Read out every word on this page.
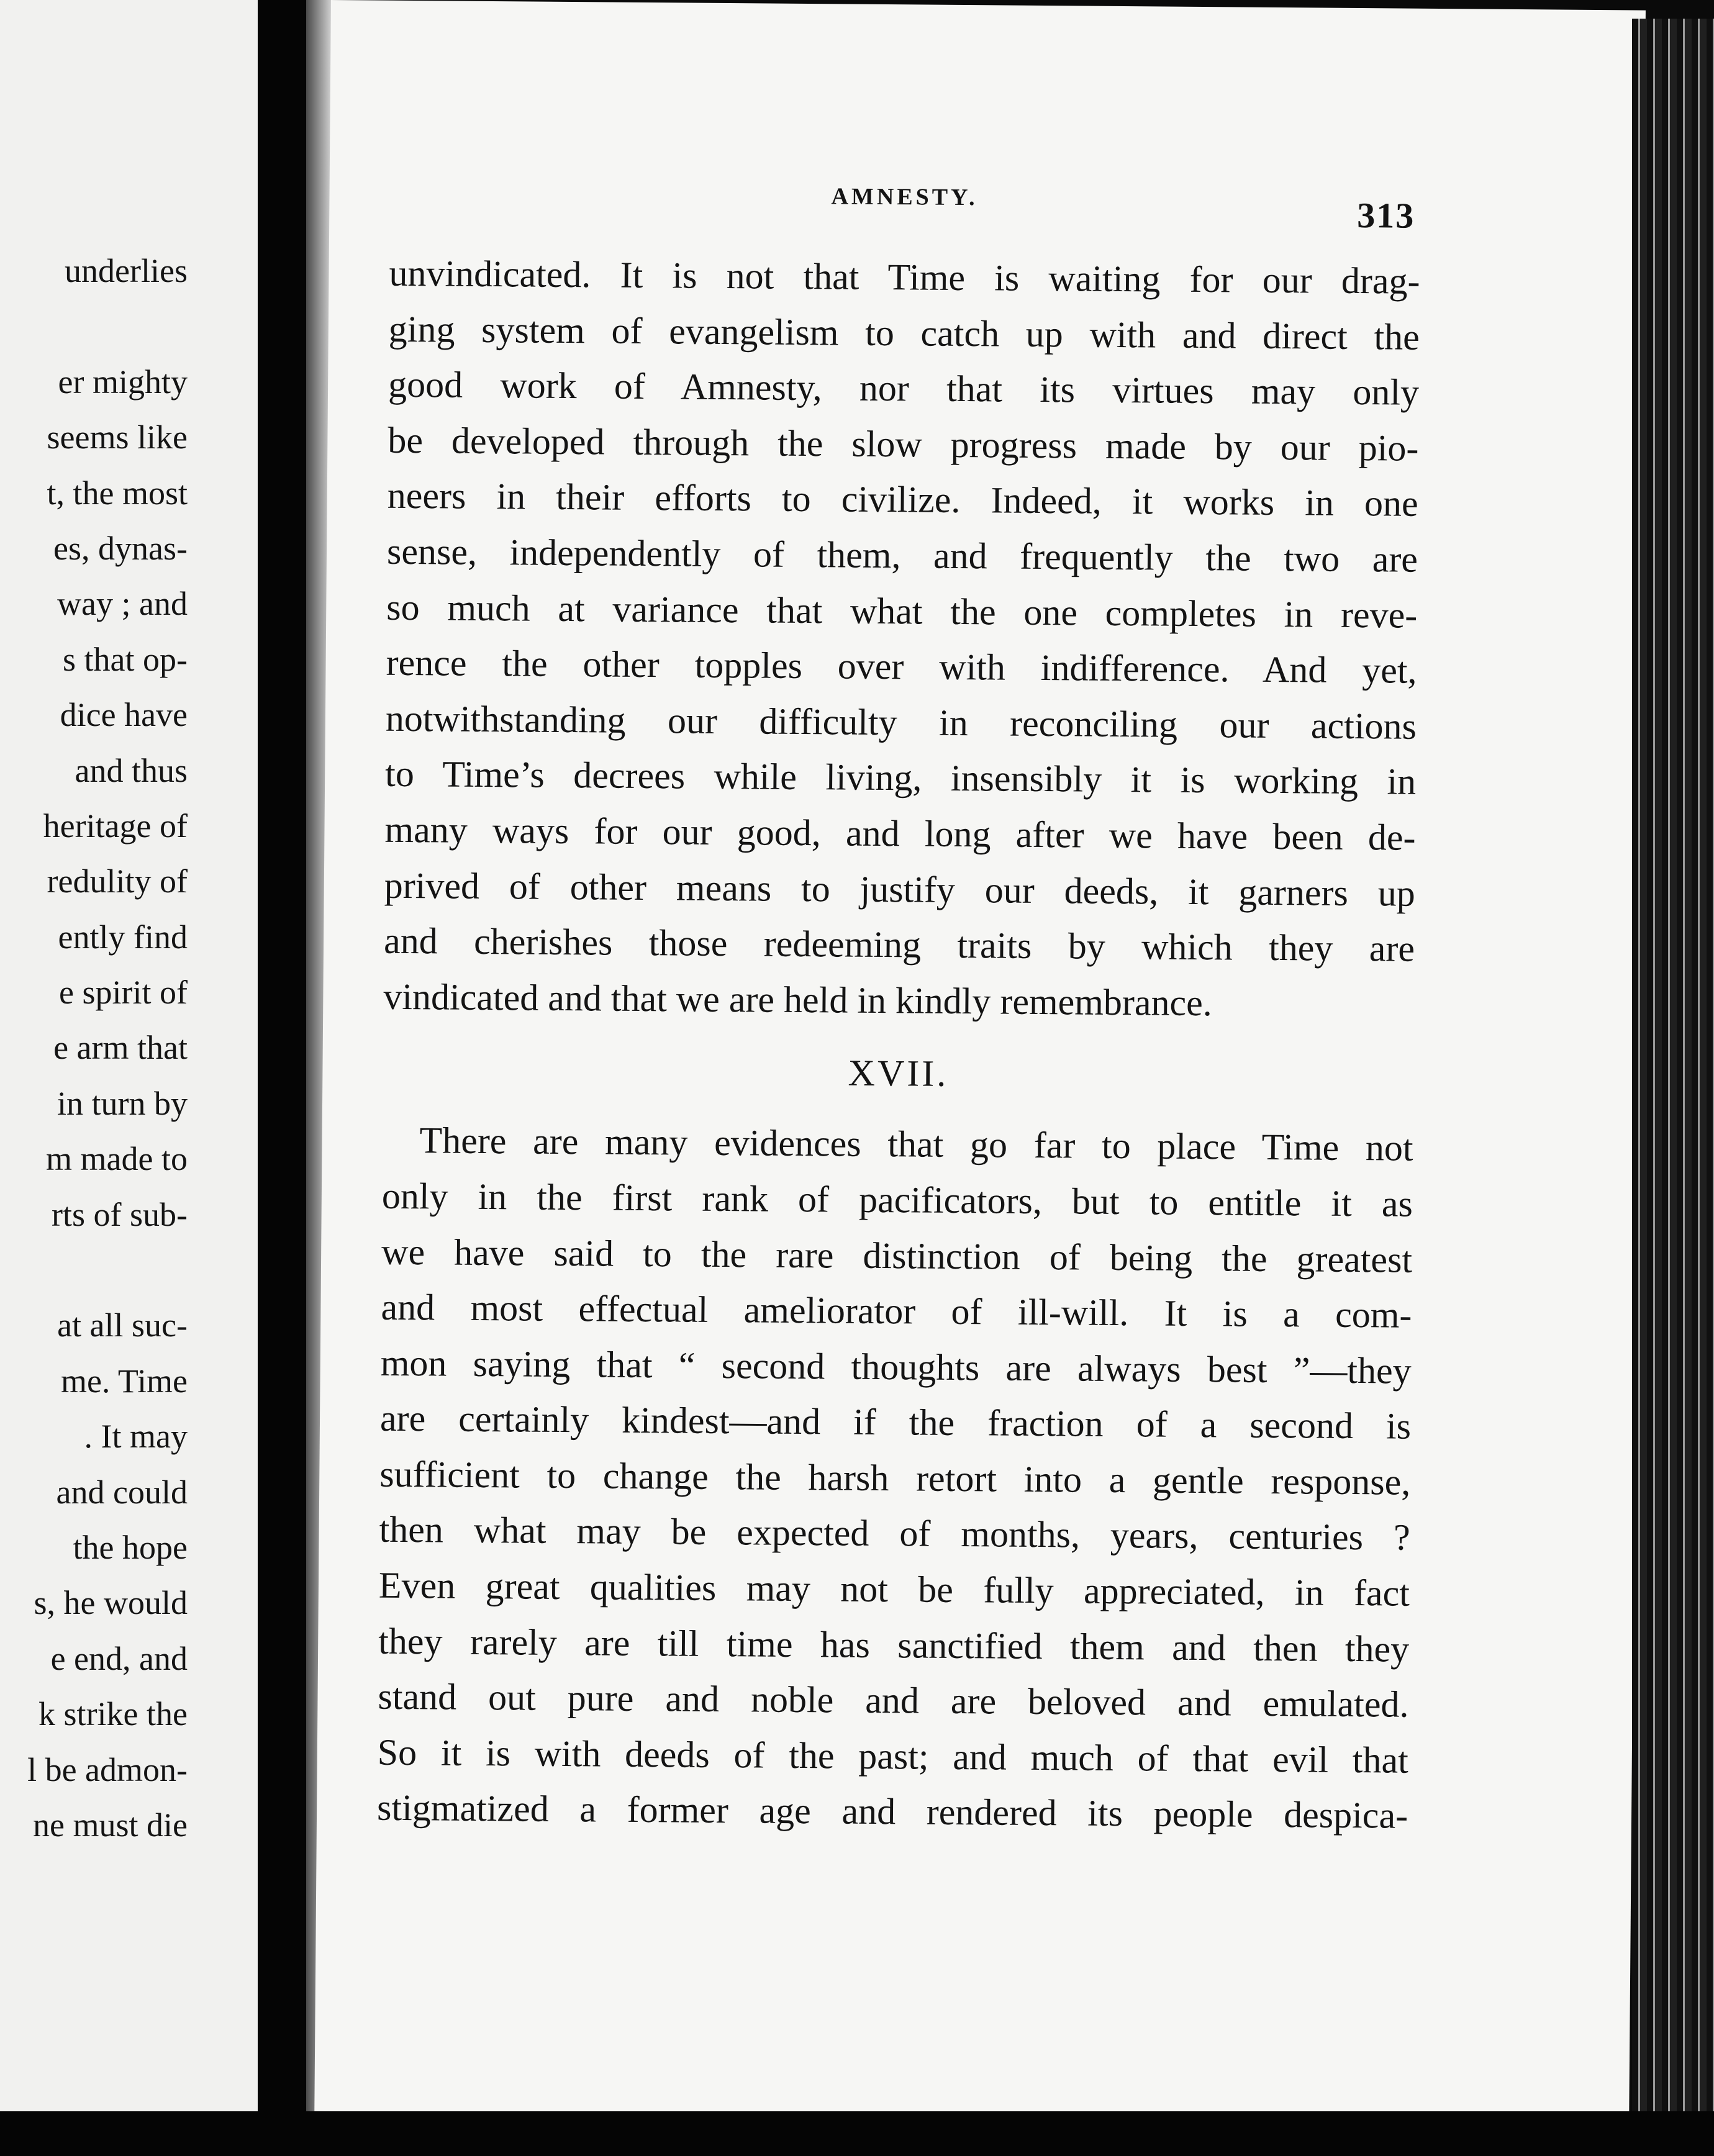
underlies
er mighty
seems like
t, the most
es, dynas-
way ; and
s that op-
dice have
and thus
heritage of
redulity of
ently find
e spirit of
e arm that
in turn by
m made to
rts of sub-
at all suc-
me. Time
. It may
and could
the hope
s, he would
e end, and
k strike the
l be admon-
ne must die
AMNESTY.	313
unvindicated. It is not that Time is waiting for our drag-
ging system of evangelism to catch up with and direct the
good work of Amnesty, nor that its virtues may only
be developed through the slow progress made by our pio-
neers in their efforts to civilize. Indeed, it works in one
sense, independently of them, and frequently the two are
so much at variance that what the one completes in reve-
rence the other topples over with indifference. And yet,
notwithstanding our difficulty in reconciling our actions
to Time’s decrees while living, insensibly it is working in
many ways for our good, and long after we have been de-
prived of other means to justify our deeds, it garners up
and cherishes those redeeming traits by which they are
vindicated and that we are held in kindly remembrance.
XVII.
There are many evidences that go far to place Time not
only in the first rank of pacificators, but to entitle it as
we have said to the rare distinction of being the greatest
and most effectual ameliorator of ill-will. It is a com-
mon saying that “ second thoughts are always best ”—they
are certainly kindest—and if the fraction of a second is
sufficient to change the harsh retort into a gentle response,
then what may be expected of months, years, centuries ?
Even great qualities may not be fully appreciated, in fact
they rarely are till time has sanctified them and then they
stand out pure and noble and are beloved and emulated.
So it is with deeds of the past; and much of that evil that
stigmatized a former age and rendered its people despica-
